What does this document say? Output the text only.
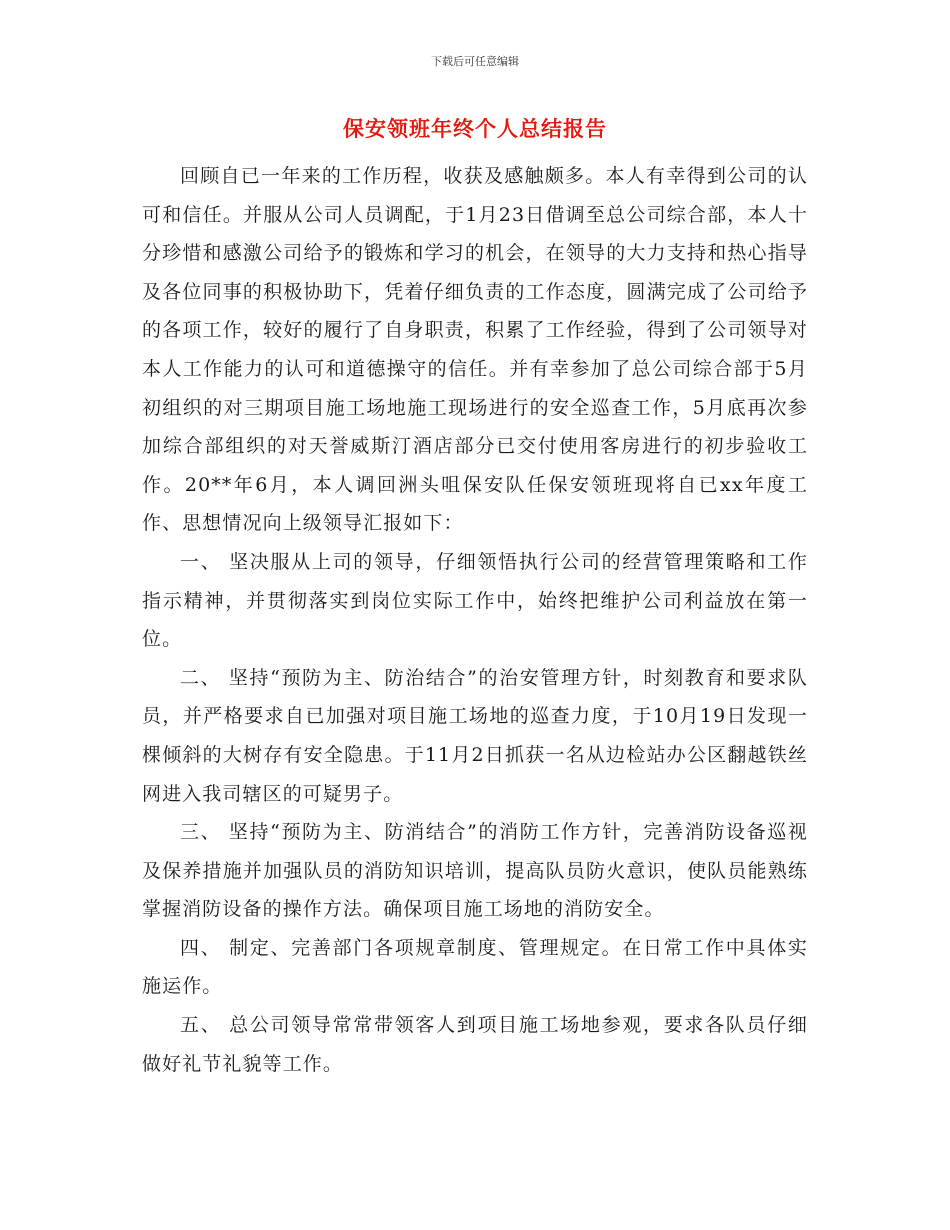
下载后可任意编辑
保安领班年终个人总结报告

回顾自已一年来的工作历程，收获及感触颇多。本人有幸得到公司的认可和信任。并服从公司人员调配，于1月23日借调至总公司综合部，本人十分珍惜和感激公司给予的锻炼和学习的机会，在领导的大力支持和热心指导及各位同事的积极协助下，凭着仔细负责的工作态度，圆满完成了公司给予的各项工作，较好的履行了自身职责，积累了工作经验，得到了公司领导对本人工作能力的认可和道德操守的信任。并有幸参加了总公司综合部于5月初组织的对三期项目施工场地施工现场进行的安全巡查工作，5月底再次参加综合部组织的对天誉威斯汀酒店部分已交付使用客房进行的初步验收工作。20**年6月，本人调回洲头咀保安队任保安领班现将自已xx年度工作、思想情况向上级领导汇报如下：

一、 坚决服从上司的领导，仔细领悟执行公司的经营管理策略和工作 指示精神，并贯彻落实到岗位实际工作中，始终把维护公司利益放在第一位。

二、 坚持“预防为主、防治结合”的治安管理方针，时刻教育和要求队员，并严格要求自已加强对项目施工场地的巡查力度，于10月19日发现一棵倾斜的大树存有安全隐患。于11月2日抓获一名从边检站办公区翻越铁丝网进入我司辖区的可疑男子。

三、 坚持“预防为主、防消结合”的消防工作方针，完善消防设备巡视及保养措施并加强队员的消防知识培训，提高队员防火意识，使队员能熟练掌握消防设备的操作方法。确保项目施工场地的消防安全。

四、 制定、完善部门各项规章制度、管理规定。在日常工作中具体实施运作。

五、 总公司领导常常带领客人到项目施工场地参观，要求各队员仔细做好礼节礼貌等工作。
